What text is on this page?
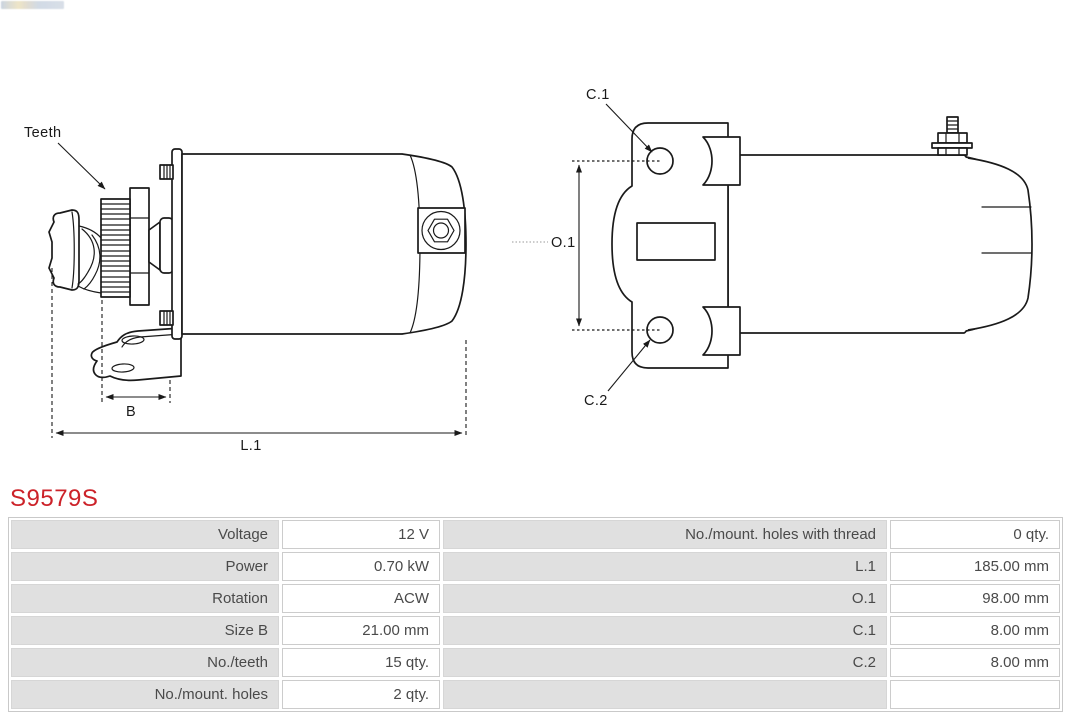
Teeth
B
L.1
C.1
O.1
C.2
S9579S
Voltage	12 V	No./mount. holes with thread	0 qty.
Power	0.70 kW	L.1	185.00 mm
Rotation	ACW	O.1	98.00 mm
Size B	21.00 mm	C.1	8.00 mm
No./teeth	15 qty.	C.2	8.00 mm
No./mount. holes	2 qty.
